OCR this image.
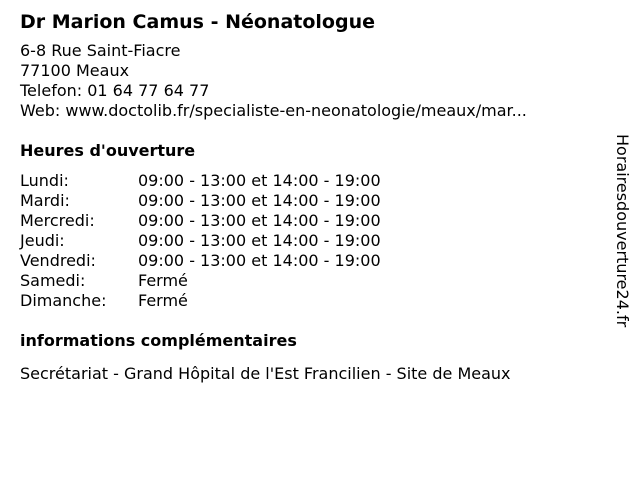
Dr Marion Camus - Néonatologue
6-8 Rue Saint-Fiacre
77100 Meaux
Telefon: 01 64 77 64 77
Web: www.doctolib.fr/specialiste-en-neonatologie/meaux/mar...
Heures d'ouverture
Lundi:	09:00 - 13:00 et 14:00 - 19:00
Mardi:	09:00 - 13:00 et 14:00 - 19:00
Mercredi:	09:00 - 13:00 et 14:00 - 19:00
Jeudi:	09:00 - 13:00 et 14:00 - 19:00
Vendredi:	09:00 - 13:00 et 14:00 - 19:00
Samedi:	Fermé
Dimanche:	Fermé
informations complémentaires
Secrétariat - Grand Hôpital de l'Est Francilien - Site de Meaux
Horairesdouverture24.fr
